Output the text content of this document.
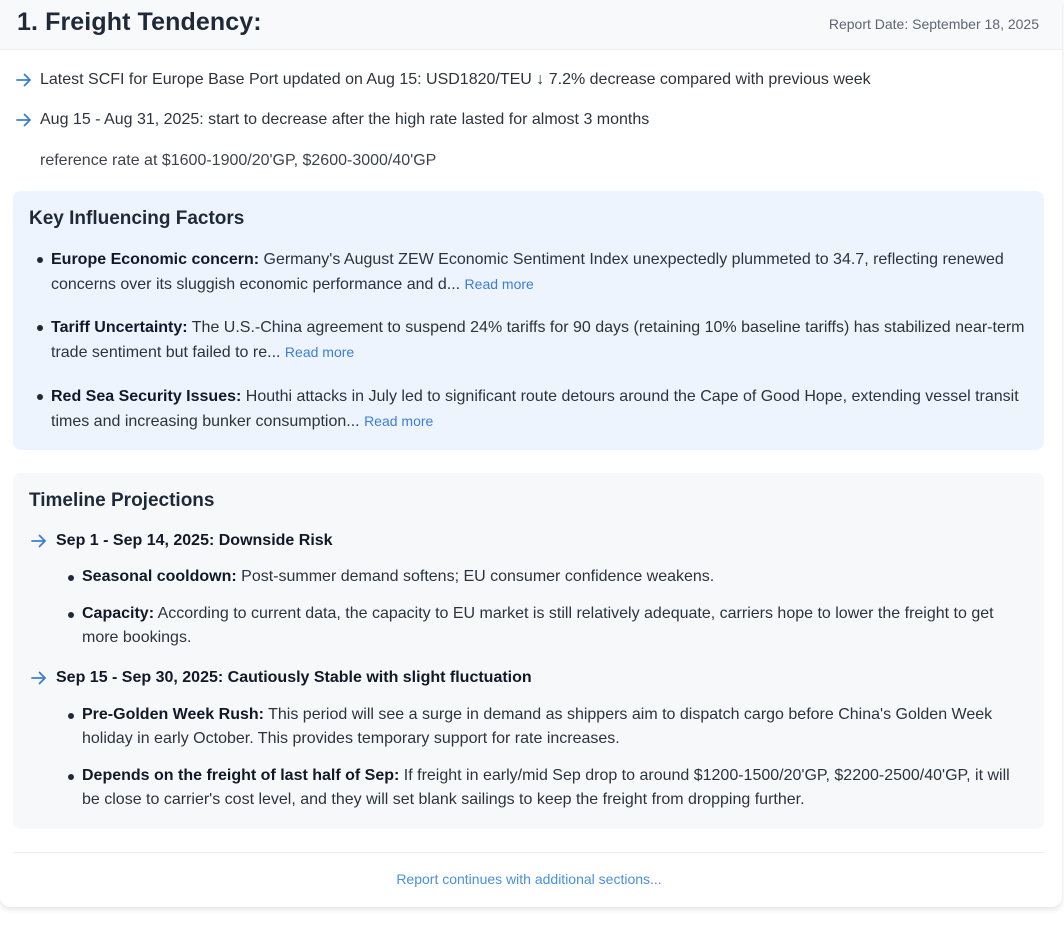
1. Freight Tendency:	Report Date: September 18, 2025
Latest SCFI for Europe Base Port updated on Aug 15: USD1820/TEU ↓ 7.2% decrease compared with previous week
Aug 15 - Aug 31, 2025: start to decrease after the high rate lasted for almost 3 months
reference rate at $1600-1900/20'GP, $2600-3000/40'GP
Key Influencing Factors
Europe Economic concern: Germany's August ZEW Economic Sentiment Index unexpectedly plummeted to 34.7, reflecting renewed concerns over its sluggish economic performance and d... Read more
Tariff Uncertainty: The U.S.-China agreement to suspend 24% tariffs for 90 days (retaining 10% baseline tariffs) has stabilized near-term trade sentiment but failed to re... Read more
Red Sea Security Issues: Houthi attacks in July led to significant route detours around the Cape of Good Hope, extending vessel transit times and increasing bunker consumption... Read more
Timeline Projections
Sep 1 - Sep 14, 2025: Downside Risk
Seasonal cooldown: Post-summer demand softens; EU consumer confidence weakens.
Capacity: According to current data, the capacity to EU market is still relatively adequate, carriers hope to lower the freight to get more bookings.
Sep 15 - Sep 30, 2025: Cautiously Stable with slight fluctuation
Pre-Golden Week Rush: This period will see a surge in demand as shippers aim to dispatch cargo before China's Golden Week holiday in early October. This provides temporary support for rate increases.
Depends on the freight of last half of Sep: If freight in early/mid Sep drop to around $1200-1500/20'GP, $2200-2500/40'GP, it will be close to carrier's cost level, and they will set blank sailings to keep the freight from dropping further.
Report continues with additional sections...
